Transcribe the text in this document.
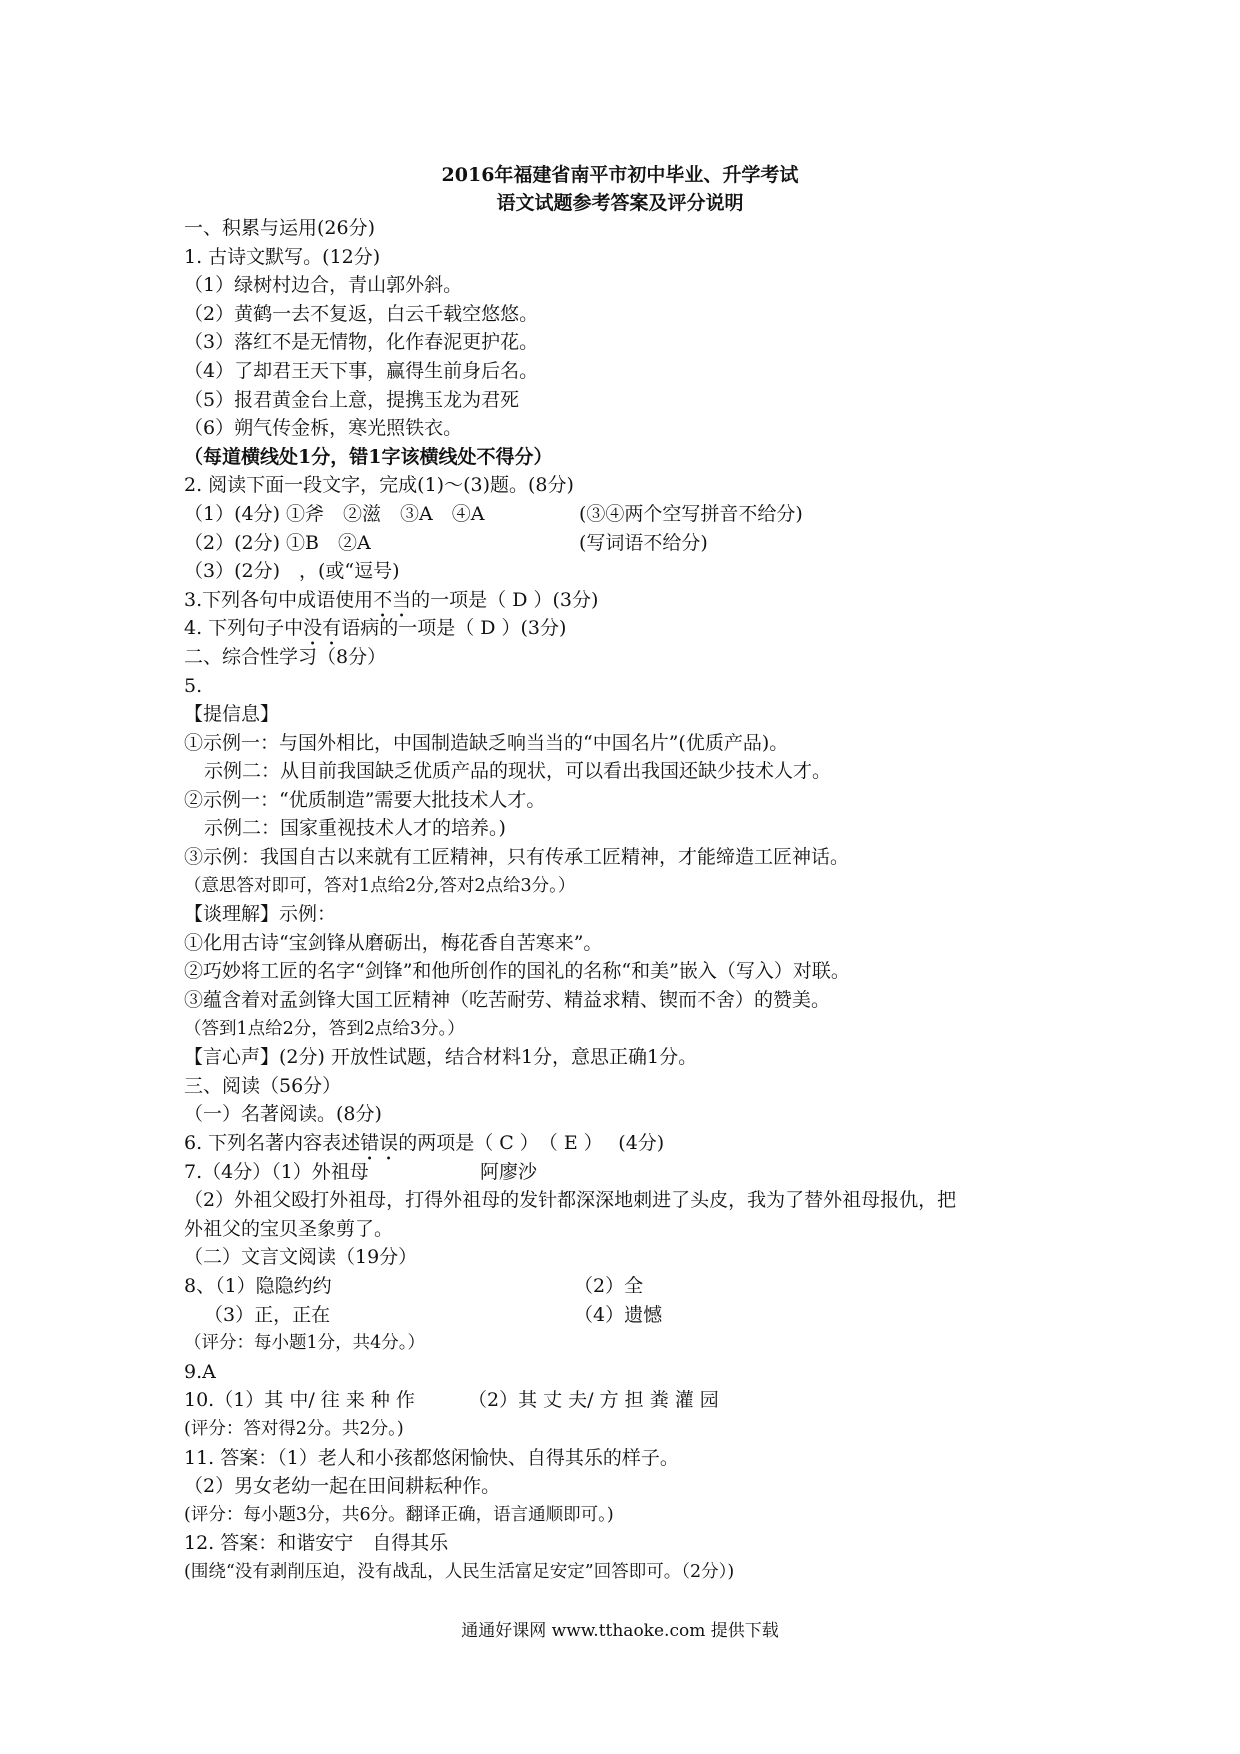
2016年福建省南平市初中毕业、升学考试
语文试题参考答案及评分说明
一、积累与运用(26分)
1. 古诗文默写。(12分)
（1）绿树村边合，青山郭外斜。
（2）黄鹤一去不复返，白云千载空悠悠。
（3）落红不是无情物，化作春泥更护花。
（4）了却君王天下事，赢得生前身后名。
（5）报君黄金台上意，提携玉龙为君死
（6）朔气传金柝，寒光照铁衣。
（每道横线处1分，错1字该横线处不得分）
2. 阅读下面一段文字，完成(1)～(3)题。(8分)
（1）(4分) ①斧　②滋　③A　④A	(③④两个空写拼音不给分)
（2）(2分) ①B　②A	(写词语不给分)
（3）(2分)　，(或“逗号)
3.下列各句中成语使用不当的一项是（ D ）(3分)
4. 下列句子中没有语病的一项是（ D ）(3分)
二、综合性学习（8分）
5.
【提信息】
①示例一：与国外相比，中国制造缺乏响当当的“中国名片”(优质产品)。
示例二：从目前我国缺乏优质产品的现状，可以看出我国还缺少技术人才。
②示例一：“优质制造”需要大批技术人才。
示例二：国家重视技术人才的培养。)
③示例：我国自古以来就有工匠精神，只有传承工匠精神，才能缔造工匠神话。
（意思答对即可，答对1点给2分,答对2点给3分。）
【谈理解】示例：
①化用古诗“宝剑锋从磨砺出，梅花香自苦寒来”。
②巧妙将工匠的名字“剑锋”和他所创作的国礼的名称“和美”嵌入（写入）对联。
③蕴含着对孟剑锋大国工匠精神（吃苦耐劳、精益求精、锲而不舍）的赞美。
（答到1点给2分，答到2点给3分。）
【言心声】(2分) 开放性试题，结合材料1分，意思正确1分。
三、阅读（56分）
（一）名著阅读。(8分)
6. 下列名著内容表述错误的两项是（ C ）　（ E ）　 (4分)
7.（4分）（1）外祖母	阿廖沙
（2）外祖父殴打外祖母，打得外祖母的发针都深深地刺进了头皮，我为了替外祖母报仇，把
外祖父的宝贝圣象剪了。
（二）文言文阅读（19分）
8、（1）隐隐约约	（2）全
（3）正，正在	（4）遗憾
（评分：每小题1分，共4分。）
9.A
10.（1）其 中/ 往 来 种 作	（2）其 丈 夫/ 方 担 粪 灌 园
(评分：答对得2分。共2分。)
11. 答案：（1）老人和小孩都悠闲愉快、自得其乐的样子。
（2）男女老幼一起在田间耕耘种作。
(评分：每小题3分，共6分。翻译正确，语言通顺即可。)
12. 答案：和谐安宁　自得其乐
(围绕“没有剥削压迫，没有战乱，人民生活富足安定”回答即可。（2分）)
通通好课网 www.tthaoke.com 提供下载
